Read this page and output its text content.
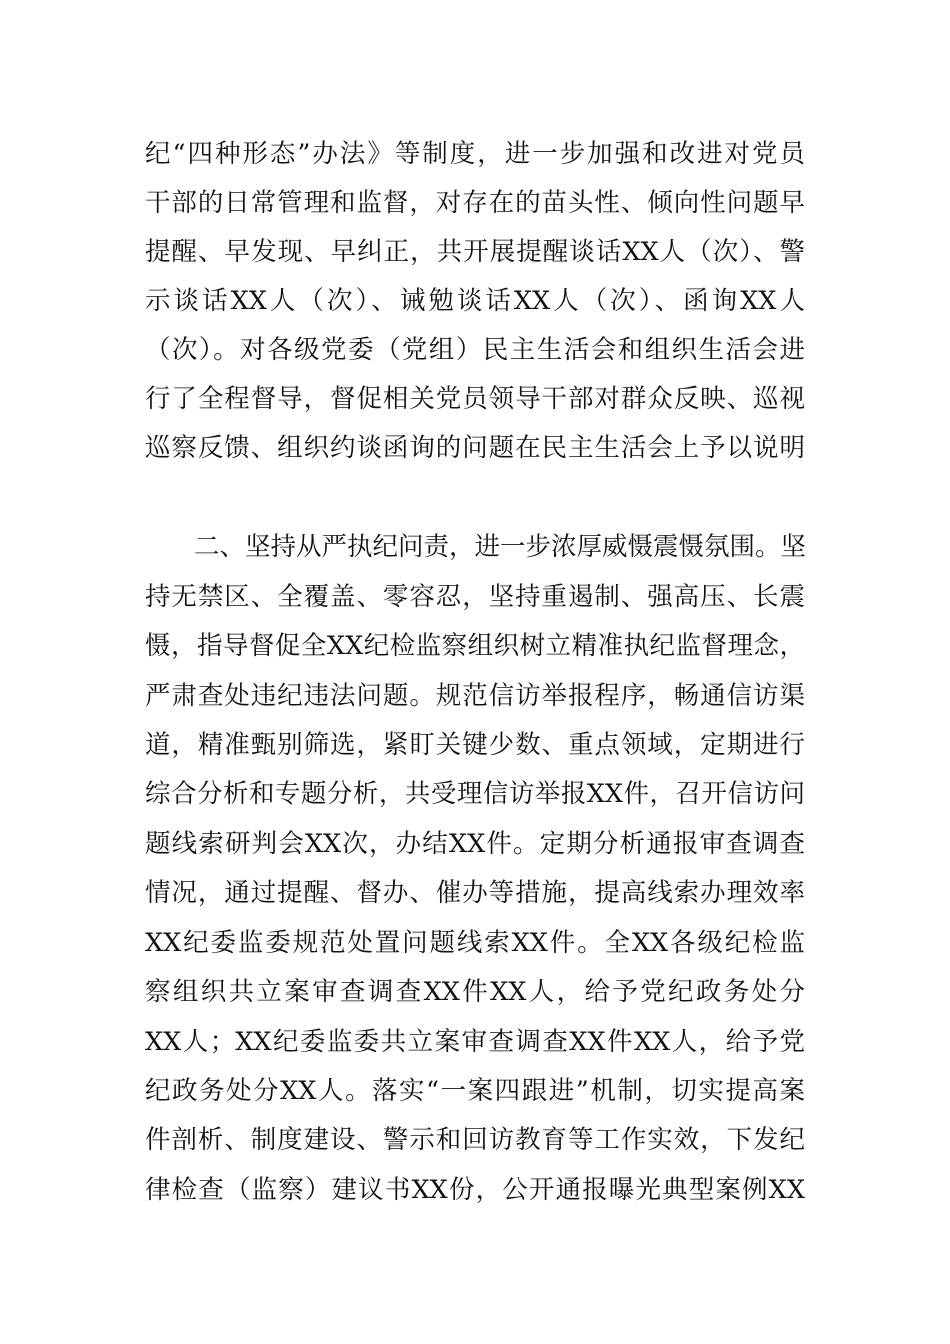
纪“四种形态”办法》等制度，进一步加强和改进对党员
干部的日常管理和监督，对存在的苗头性、倾向性问题早
提醒、早发现、早纠正，共开展提醒谈话XX人（次）、警
示谈话XX人（次）、诫勉谈话XX人（次）、函询XX人
（次）。对各级党委（党组）民主生活会和组织生活会进
行了全程督导，督促相关党员领导干部对群众反映、巡视
巡察反馈、组织约谈函询的问题在民主生活会上予以说明
二、坚持从严执纪问责，进一步浓厚威慑震慑氛围。坚
持无禁区、全覆盖、零容忍，坚持重遏制、强高压、长震
慑，指导督促全XX纪检监察组织树立精准执纪监督理念，
严肃查处违纪违法问题。规范信访举报程序，畅通信访渠
道，精准甄别筛选，紧盯关键少数、重点领域，定期进行
综合分析和专题分析，共受理信访举报XX件，召开信访问
题线索研判会XX次，办结XX件。定期分析通报审查调查
情况，通过提醒、督办、催办等措施，提高线索办理效率
XX纪委监委规范处置问题线索XX件。全XX各级纪检监
察组织共立案审查调查XX件XX人，给予党纪政务处分
XX人；XX纪委监委共立案审查调查XX件XX人，给予党
纪政务处分XX人。落实“一案四跟进”机制，切实提高案
件剖析、制度建设、警示和回访教育等工作实效，下发纪
律检查（监察）建议书XX份，公开通报曝光典型案例XX
